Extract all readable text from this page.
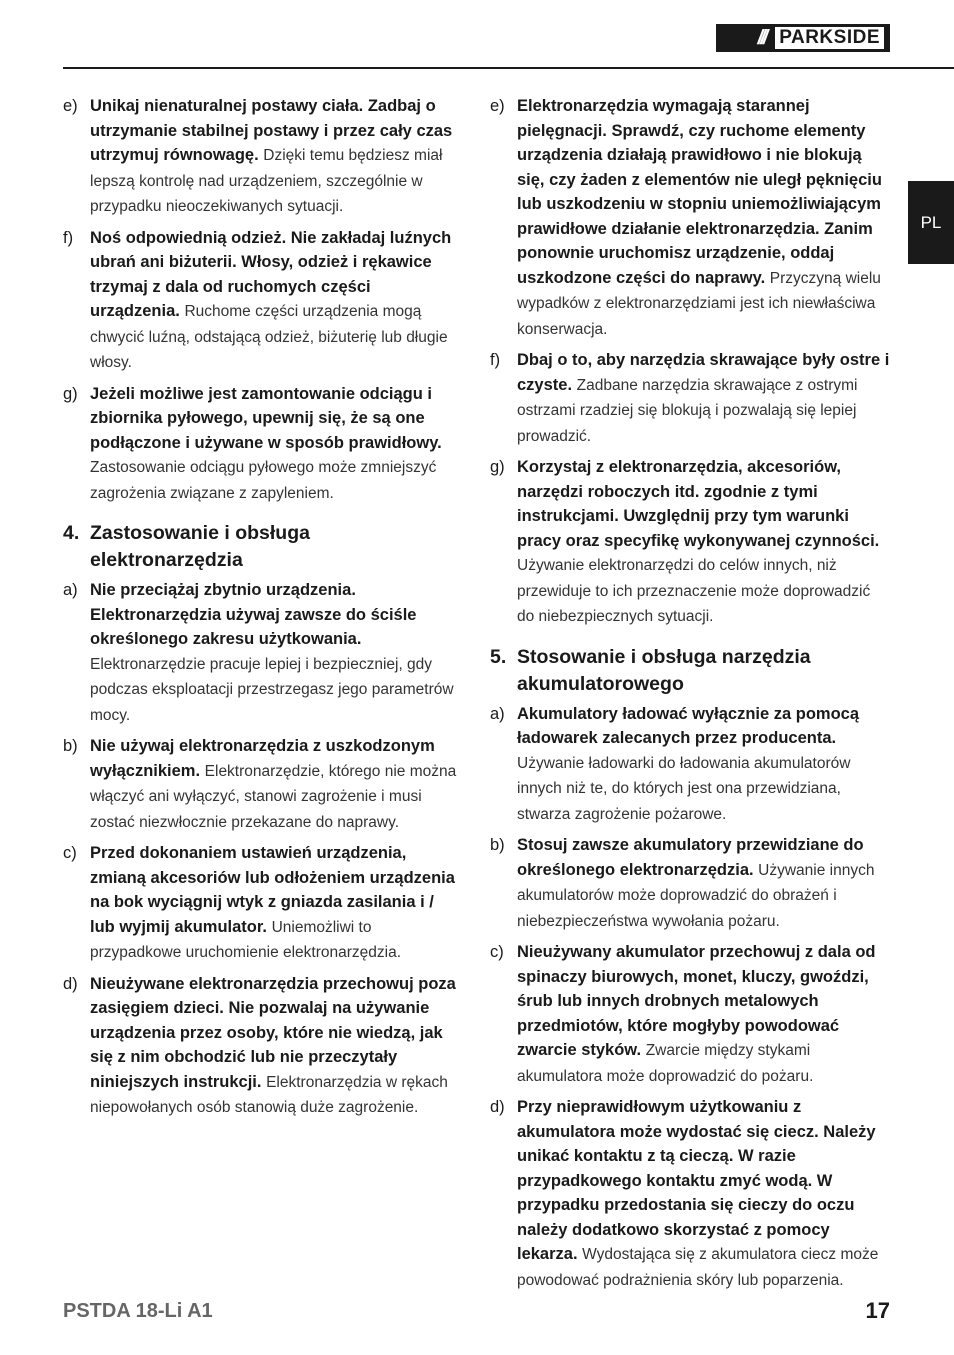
/// PARKSIDE
PL
e) Unikaj nienaturalnej postawy ciała. Zadbaj o utrzymanie stabilnej postawy i przez cały czas utrzymuj równowagę. Dzięki temu będziesz miał lepszą kontrolę nad urządzeniem, szczególnie w przypadku nieoczekiwanych sytuacji.
f)	Noś odpowiednią odzież. Nie zakładaj luźnych ubrań ani biżuterii. Włosy, odzież i rękawice trzymaj z dala od ruchomych części urządzenia. Ruchome części urządzenia mogą chwycić luźną, odstającą odzież, biżuterię lub długie włosy.
g) Jeżeli możliwe jest zamontowanie odciągu i zbiornika pyłowego, upewnij się, że są one podłączone i używane w sposób prawidłowy. Zastosowanie odciągu pyłowego może zmniejszyć zagrożenia związane z zapyleniem.
4. Zastosowanie i obsługa elektronarzędzia
a) Nie przeciążaj zbytnio urządzenia. Elektronarzędzia używaj zawsze do ściśle określonego zakresu użytkowania. Elektronarzędzie pracuje lepiej i bezpieczniej, gdy podczas eksploatacji przestrzegasz jego parametrów mocy.
b) Nie używaj elektronarzędzia z uszkodzonym wyłącznikiem. Elektronarzędzie, którego nie można włączyć ani wyłączyć, stanowi zagrożenie i musi zostać niezwłocznie przekazane do naprawy.
c) Przed dokonaniem ustawień urządzenia, zmianą akcesoriów lub odłożeniem urządzenia na bok wyciągnij wtyk z gniazda zasilania i / lub wyjmij akumulator. Uniemożliwi to przypadkowe uruchomienie elektronarzędzia.
d) Nieużywane elektronarzędzia przechowuj poza zasięgiem dzieci. Nie pozwalaj na używanie urządzenia przez osoby, które nie wiedzą, jak się z nim obchodzić lub nie przeczytały niniejszych instrukcji. Elektronarzędzia w rękach niepowołanych osób stanowią duże zagrożenie.
e) Elektronarzędzia wymagają starannej pielęgnacji. Sprawdź, czy ruchome elementy urządzenia działają prawidłowo i nie blokują się, czy żaden z elementów nie uległ pęknięciu lub uszkodzeniu w stopniu uniemożliwiającym prawidłowe działanie elektronarzędzia. Zanim ponownie uruchomisz urządzenie, oddaj uszkodzone części do naprawy. Przyczyną wielu wypadków z elektronarzędziami jest ich niewłaściwa konserwacja.
f)	Dbaj o to, aby narzędzia skrawające były ostre i czyste. Zadbane narzędzia skrawające z ostrymi ostrzami rzadziej się blokują i pozwalają się lepiej prowadzić.
g) Korzystaj z elektronarzędzia, akcesoriów, narzędzi roboczych itd. zgodnie z tymi instrukcjami. Uwzględnij przy tym warunki pracy oraz specyfikę wykonywanej czynności. Używanie elektronarzędzi do celów innych, niż przewiduje to ich przeznaczenie może doprowadzić do niebezpiecznych sytuacji.
5. Stosowanie i obsługa narzędzia akumulatorowego
a) Akumulatory ładować wyłącznie za pomocą ładowarek zalecanych przez producenta. Używanie ładowarki do ładowania akumulatorów innych niż te, do których jest ona przewidziana, stwarza zagrożenie pożarowe.
b) Stosuj zawsze akumulatory przewidziane do określonego elektronarzędzia. Używanie innych akumulatorów może doprowadzić do obrażeń i niebezpieczeństwa wywołania pożaru.
c) Nieużywany akumulator przechowuj z dala od spinaczy biurowych, monet, kluczy, gwoździ, śrub lub innych drobnych metalowych przedmiotów, które mogłyby powodować zwarcie styków. Zwarcie między stykami akumulatora może doprowadzić do pożaru.
d) Przy nieprawidłowym użytkowaniu z akumulatora może wydostać się ciecz. Należy unikać kontaktu z tą cieczą. W razie przypadkowego kontaktu zmyć wodą. W przypadku przedostania się cieczy do oczu należy dodatkowo skorzystać z pomocy lekarza. Wydostająca się z akumulatora ciecz może powodować podrażnienia skóry lub poparzenia.
PSTDA 18-Li A1	17
